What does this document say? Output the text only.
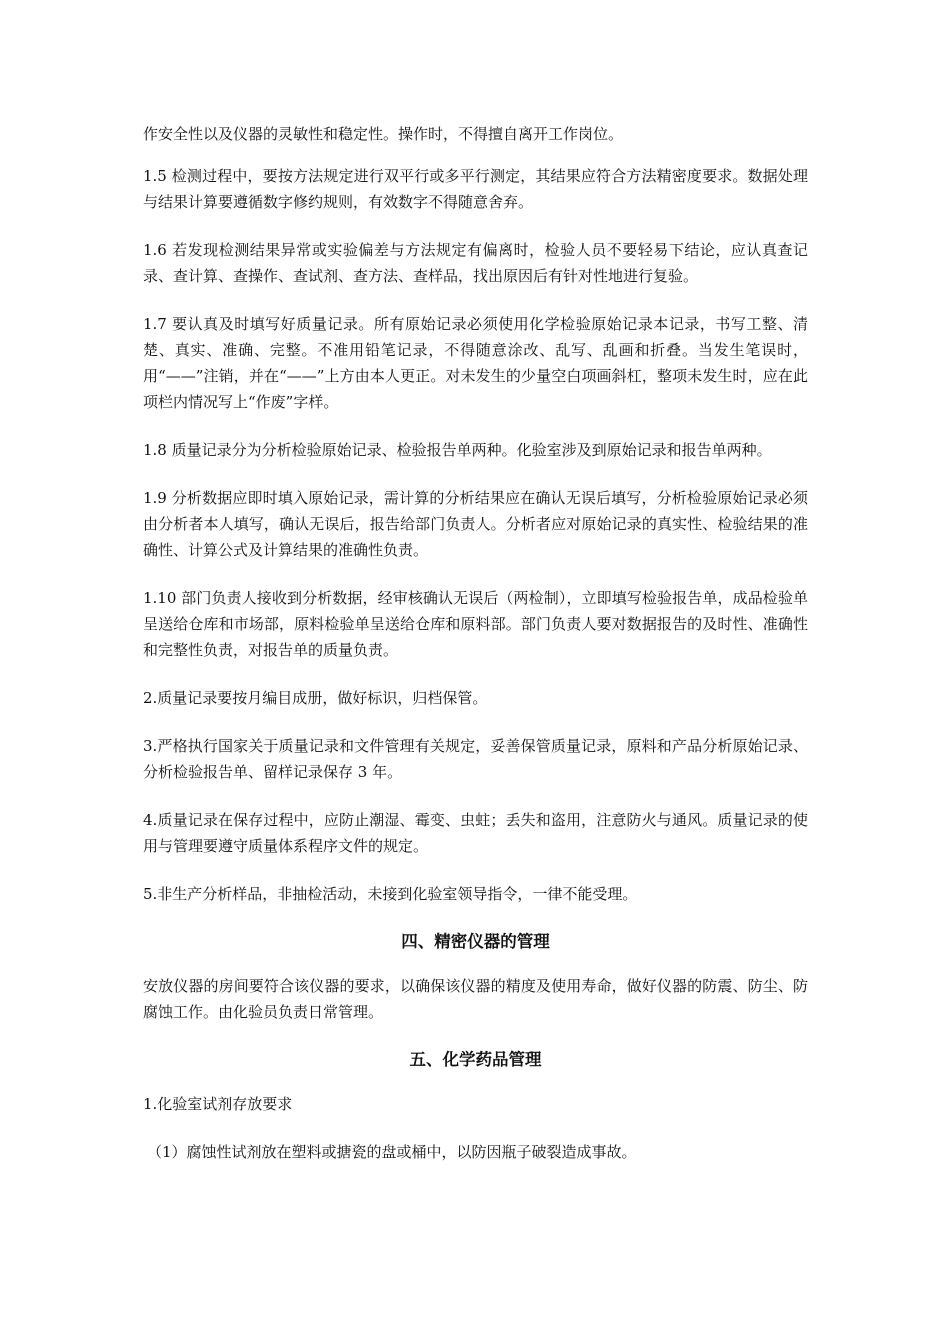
作安全性以及仪器的灵敏性和稳定性。操作时，不得擅自离开工作岗位。

1.5 检测过程中，要按方法规定进行双平行或多平行测定，其结果应符合方法精密度要求。数据处理与结果计算要遵循数字修约规则，有效数字不得随意舍弃。

1.6 若发现检测结果异常或实验偏差与方法规定有偏离时，检验人员不要轻易下结论，应认真查记录、查计算、查操作、查试剂、查方法、查样品，找出原因后有针对性地进行复验。

1.7 要认真及时填写好质量记录。所有原始记录必须使用化学检验原始记录本记录，书写工整、清楚、真实、准确、完整。不准用铅笔记录，不得随意涂改、乱写、乱画和折叠。当发生笔误时，用“——”注销，并在“——”上方由本人更正。对未发生的少量空白项画斜杠，整项未发生时，应在此项栏内情况写上“作废”字样。

1.8 质量记录分为分析检验原始记录、检验报告单两种。化验室涉及到原始记录和报告单两种。

1.9 分析数据应即时填入原始记录，需计算的分析结果应在确认无误后填写，分析检验原始记录必须由分析者本人填写，确认无误后，报告给部门负责人。分析者应对原始记录的真实性、检验结果的准确性、计算公式及计算结果的准确性负责。

1.10 部门负责人接收到分析数据，经审核确认无误后（两检制），立即填写检验报告单，成品检验单呈送给仓库和市场部，原料检验单呈送给仓库和原料部。部门负责人要对数据报告的及时性、准确性和完整性负责，对报告单的质量负责。

2.质量记录要按月编目成册，做好标识，归档保管。

3.严格执行国家关于质量记录和文件管理有关规定，妥善保管质量记录，原料和产品分析原始记录、分析检验报告单、留样记录保存 3 年。

4.质量记录在保存过程中，应防止潮湿、霉变、虫蛀；丢失和盗用，注意防火与通风。质量记录的使用与管理要遵守质量体系程序文件的规定。

5.非生产分析样品，非抽检活动，未接到化验室领导指令，一律不能受理。

四、精密仪器的管理

安放仪器的房间要符合该仪器的要求，以确保该仪器的精度及使用寿命，做好仪器的防震、防尘、防腐蚀工作。由化验员负责日常管理。

五、化学药品管理

1.化验室试剂存放要求

（1）腐蚀性试剂放在塑料或搪瓷的盘或桶中，以防因瓶子破裂造成事故。
